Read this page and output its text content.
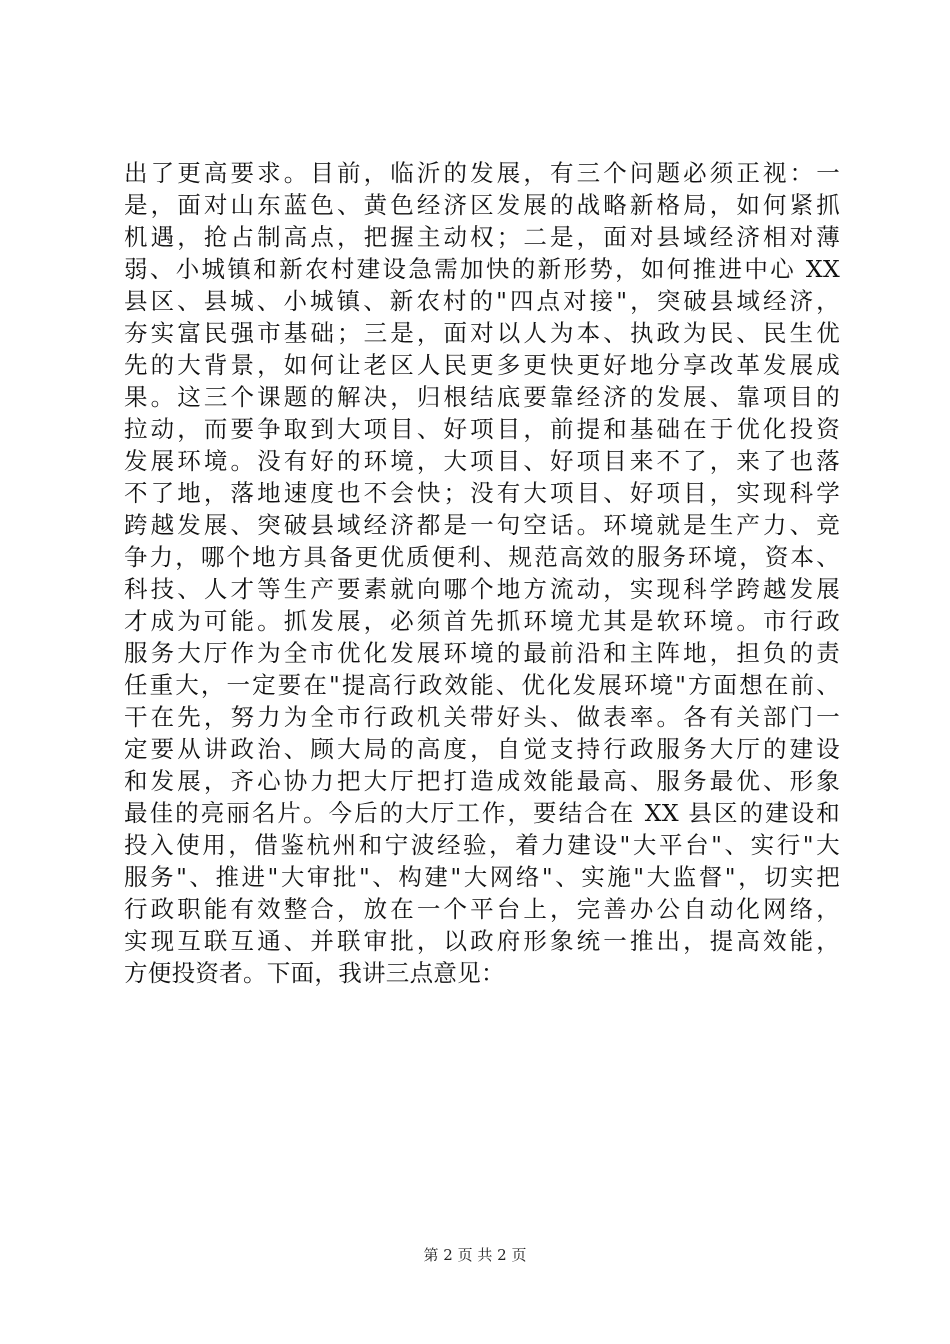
出了更高要求。目前，临沂的发展，有三个问题必须正视：一
是，面对山东蓝色、黄色经济区发展的战略新格局，如何紧抓
机遇，抢占制高点，把握主动权；二是，面对县域经济相对薄
弱、小城镇和新农村建设急需加快的新形势，如何推进中心 XX
县区、县城、小城镇、新农村的"四点对接"，突破县域经济，
夯实富民强市基础；三是，面对以人为本、执政为民、民生优
先的大背景，如何让老区人民更多更快更好地分享改革发展成
果。这三个课题的解决，归根结底要靠经济的发展、靠项目的
拉动，而要争取到大项目、好项目，前提和基础在于优化投资
发展环境。没有好的环境，大项目、好项目来不了，来了也落
不了地，落地速度也不会快；没有大项目、好项目，实现科学
跨越发展、突破县域经济都是一句空话。环境就是生产力、竞
争力，哪个地方具备更优质便利、规范高效的服务环境，资本、
科技、人才等生产要素就向哪个地方流动，实现科学跨越发展
才成为可能。抓发展，必须首先抓环境尤其是软环境。市行政
服务大厅作为全市优化发展环境的最前沿和主阵地，担负的责
任重大，一定要在"提高行政效能、优化发展环境"方面想在前、
干在先，努力为全市行政机关带好头、做表率。各有关部门一
定要从讲政治、顾大局的高度，自觉支持行政服务大厅的建设
和发展，齐心协力把大厅把打造成效能最高、服务最优、形象
最佳的亮丽名片。今后的大厅工作，要结合在 XX 县区的建设和
投入使用，借鉴杭州和宁波经验，着力建设"大平台"、实行"大
服务"、推进"大审批"、构建"大网络"、实施"大监督"，切实把
行政职能有效整合，放在一个平台上，完善办公自动化网络，
实现互联互通、并联审批，以政府形象统一推出，提高效能，
方便投资者。下面，我讲三点意见：
第 2 页 共 2 页
